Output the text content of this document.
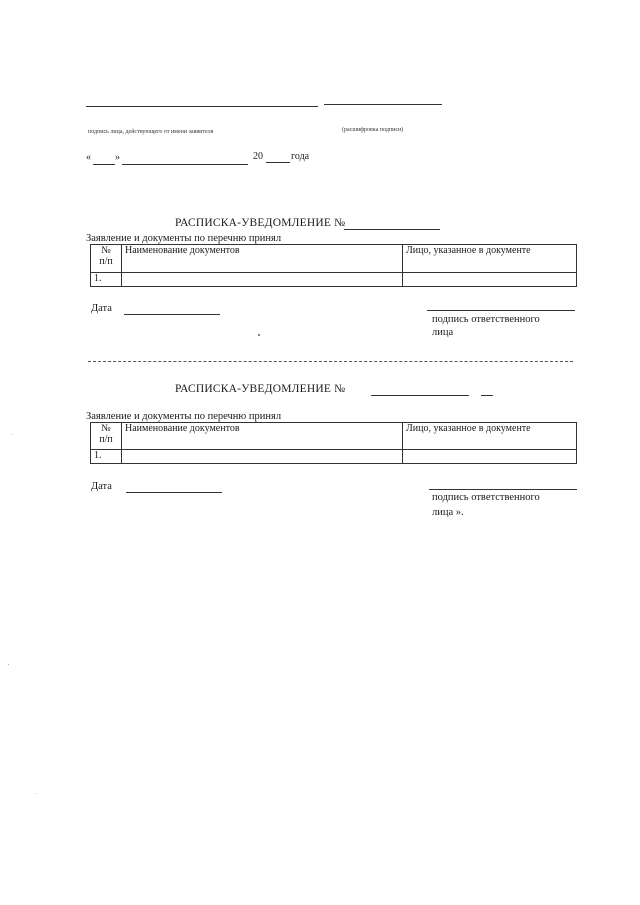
подпись лица, действующего от имени заявителя	(расшифровка подписи)
« »	20	года
РАСПИСКА-УВЕДОМЛЕНИЕ №
Заявление и документы по перечню принял
№
п/п	Наименование документов	Лицо, указанное в документе
1.		
Дата
подпись ответственного
лица
РАСПИСКА-УВЕДОМЛЕНИЕ №
Заявление и документы по перечню принял
№
п/п	Наименование документов	Лицо, указанное в документе
1.		
Дата
подпись ответственного
лица ».
